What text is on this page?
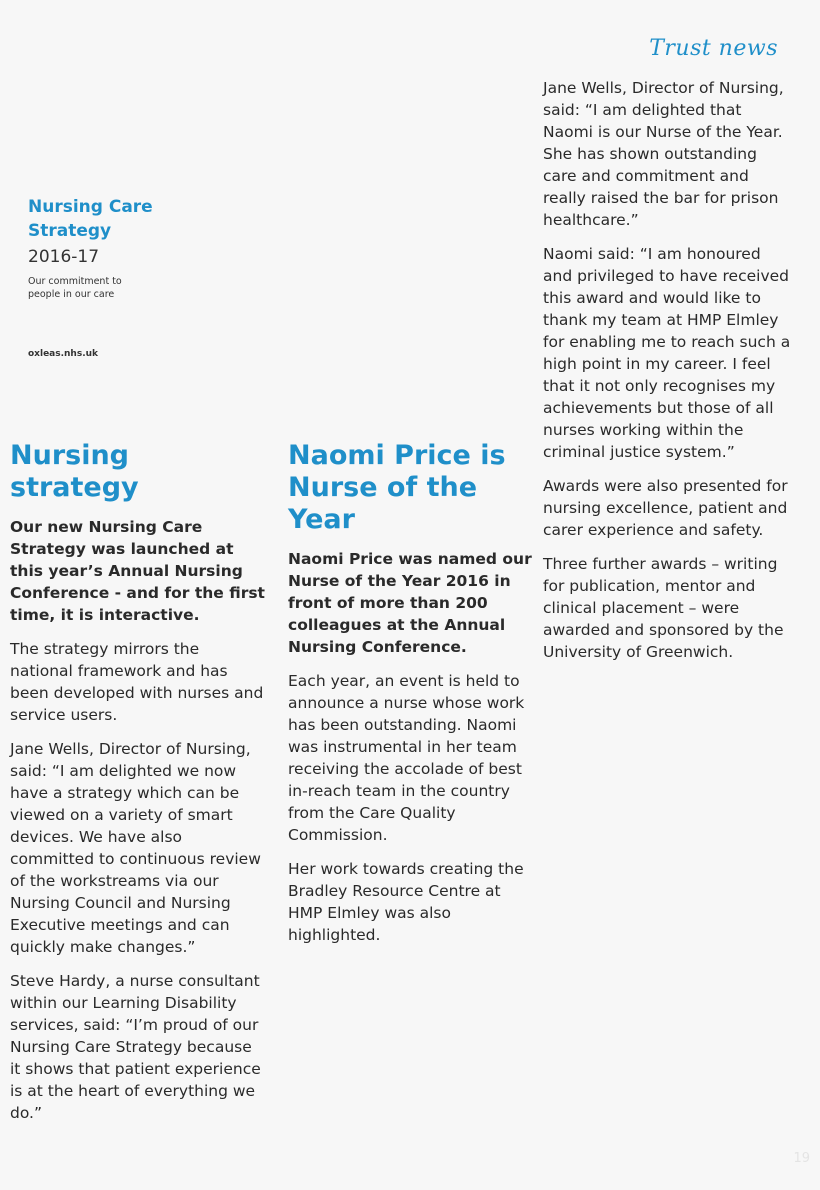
Trust news
Nursing Care
Strategy
2016-17
Our commitment to
people in our care
oxleas.nhs.uk
Nursing strategy

Our new Nursing Care Strategy was launched at this year’s Annual Nursing Conference - and for the first time, it is interactive.

The strategy mirrors the national framework and has been developed with nurses and service users.

Jane Wells, Director of Nursing, said: “I am delighted we now have a strategy which can be viewed on a variety of smart devices. We have also committed to continuous review of the workstreams via our Nursing Council and Nursing Executive meetings and can quickly make changes.”

Steve Hardy, a nurse consultant within our Learning Disability services, said: “I’m proud of our Nursing Care Strategy because it shows that patient experience is at the heart of everything we do.”

Naomi Price is Nurse of the Year

Naomi Price was named our Nurse of the Year 2016 in front of more than 200 colleagues at the Annual Nursing Conference.

Each year, an event is held to announce a nurse whose work has been outstanding. Naomi was instrumental in her team receiving the accolade of best in-reach team in the country from the Care Quality Commission.

Her work towards creating the Bradley Resource Centre at HMP Elmley was also highlighted.

Jane Wells, Director of Nursing, said: “I am delighted that Naomi is our Nurse of the Year. She has shown outstanding care and commitment and really raised the bar for prison healthcare.”

Naomi said: “I am honoured and privileged to have received this award and would like to thank my team at HMP Elmley for enabling me to reach such a high point in my career. I feel that it not only recognises my achievements but those of all nurses working within the criminal justice system.”

Awards were also presented for nursing excellence, patient and carer experience and safety.

Three further awards – writing for publication, mentor and clinical placement – were awarded and sponsored by the University of Greenwich.

19
